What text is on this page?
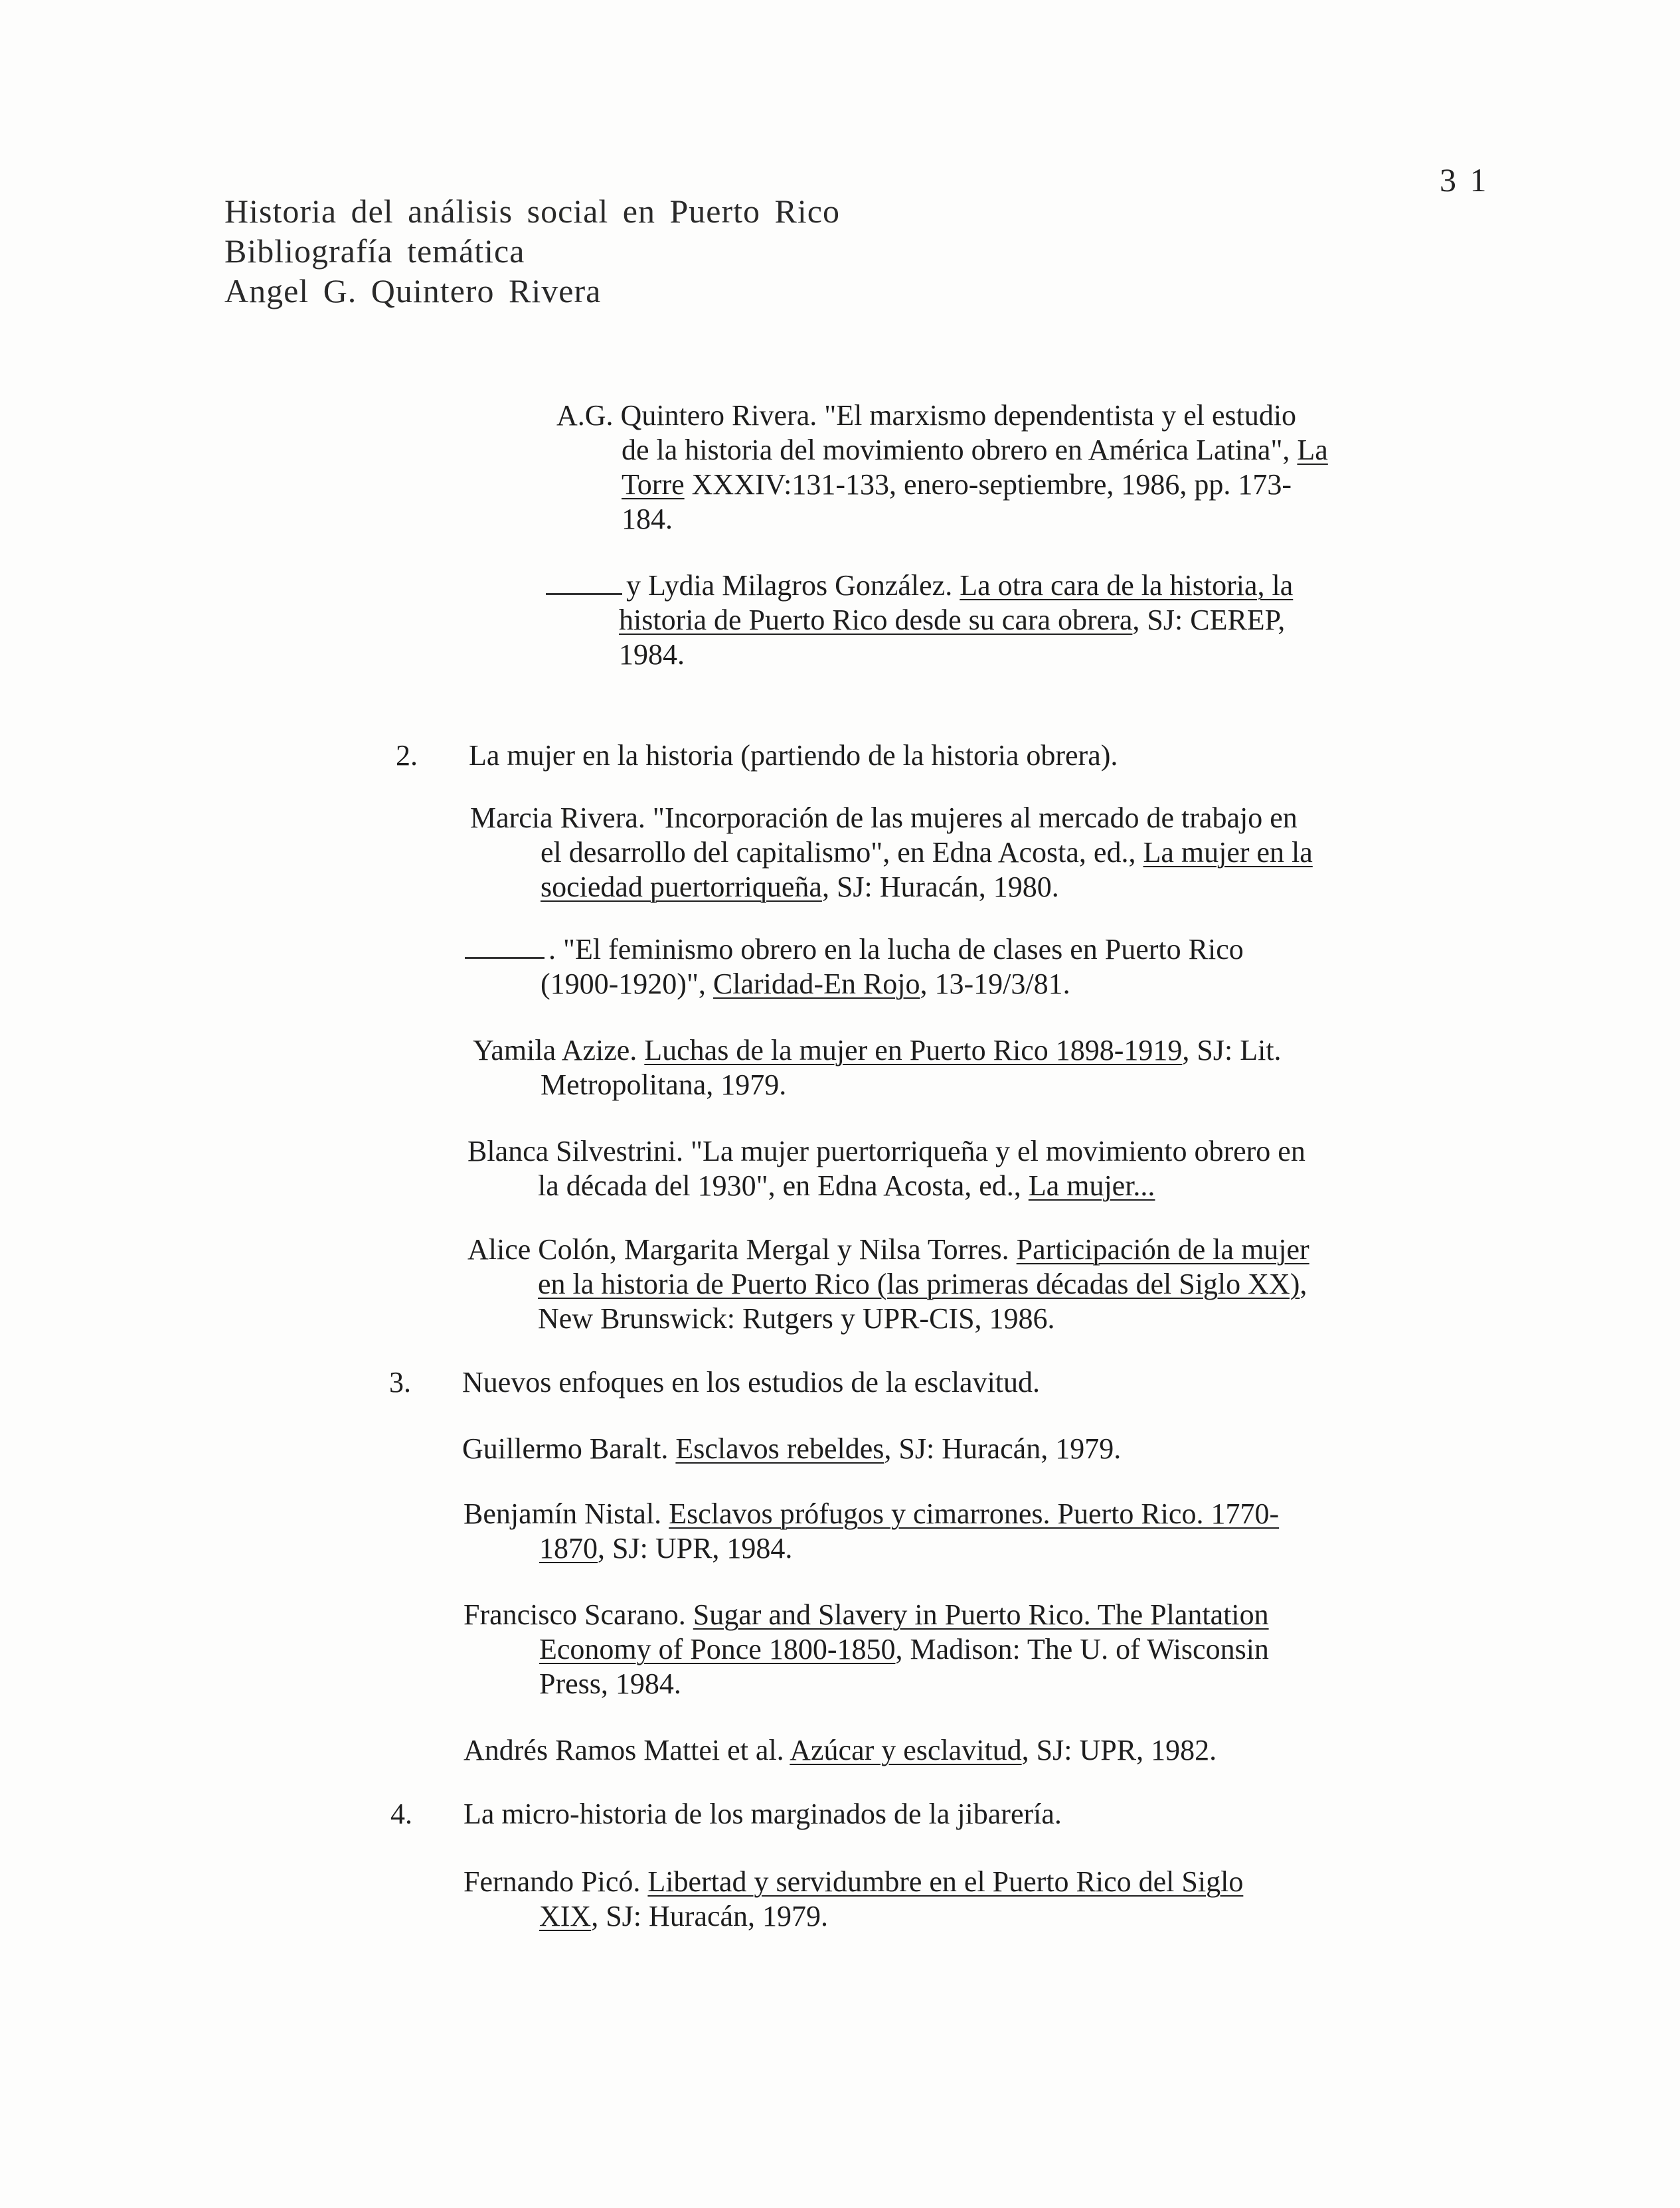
3 1
Historia del análisis social en Puerto Rico
Bibliografía temática
Angel G. Quintero Rivera
A.G. Quintero Rivera. "El marxismo dependentista y el estudio
de la historia del movimiento obrero en América Latina", La
Torre XXXIV:131-133, enero-septiembre, 1986, pp. 173-
184.
y Lydia Milagros González. La otra cara de la historia, la
historia de Puerto Rico desde su cara obrera, SJ: CEREP,
1984.
2. La mujer en la historia (partiendo de la historia obrera).
Marcia Rivera. "Incorporación de las mujeres al mercado de trabajo en
el desarrollo del capitalismo", en Edna Acosta, ed., La mujer en la
sociedad puertorriqueña, SJ: Huracán, 1980.
. "El feminismo obrero en la lucha de clases en Puerto Rico
(1900-1920)", Claridad-En Rojo, 13-19/3/81.
Yamila Azize. Luchas de la mujer en Puerto Rico 1898-1919, SJ: Lit.
Metropolitana, 1979.
Blanca Silvestrini. "La mujer puertorriqueña y el movimiento obrero en
la década del 1930", en Edna Acosta, ed., La mujer...
Alice Colón, Margarita Mergal y Nilsa Torres. Participación de la mujer
en la historia de Puerto Rico (las primeras décadas del Siglo XX),
New Brunswick: Rutgers y UPR-CIS, 1986.
3. Nuevos enfoques en los estudios de la esclavitud.
Guillermo Baralt. Esclavos rebeldes, SJ: Huracán, 1979.
Benjamín Nistal. Esclavos prófugos y cimarrones. Puerto Rico. 1770-
1870, SJ: UPR, 1984.
Francisco Scarano. Sugar and Slavery in Puerto Rico. The Plantation
Economy of Ponce 1800-1850, Madison: The U. of Wisconsin
Press, 1984.
Andrés Ramos Mattei et al. Azúcar y esclavitud, SJ: UPR, 1982.
4. La micro-historia de los marginados de la jibarería.
Fernando Picó. Libertad y servidumbre en el Puerto Rico del Siglo
XIX, SJ: Huracán, 1979.
